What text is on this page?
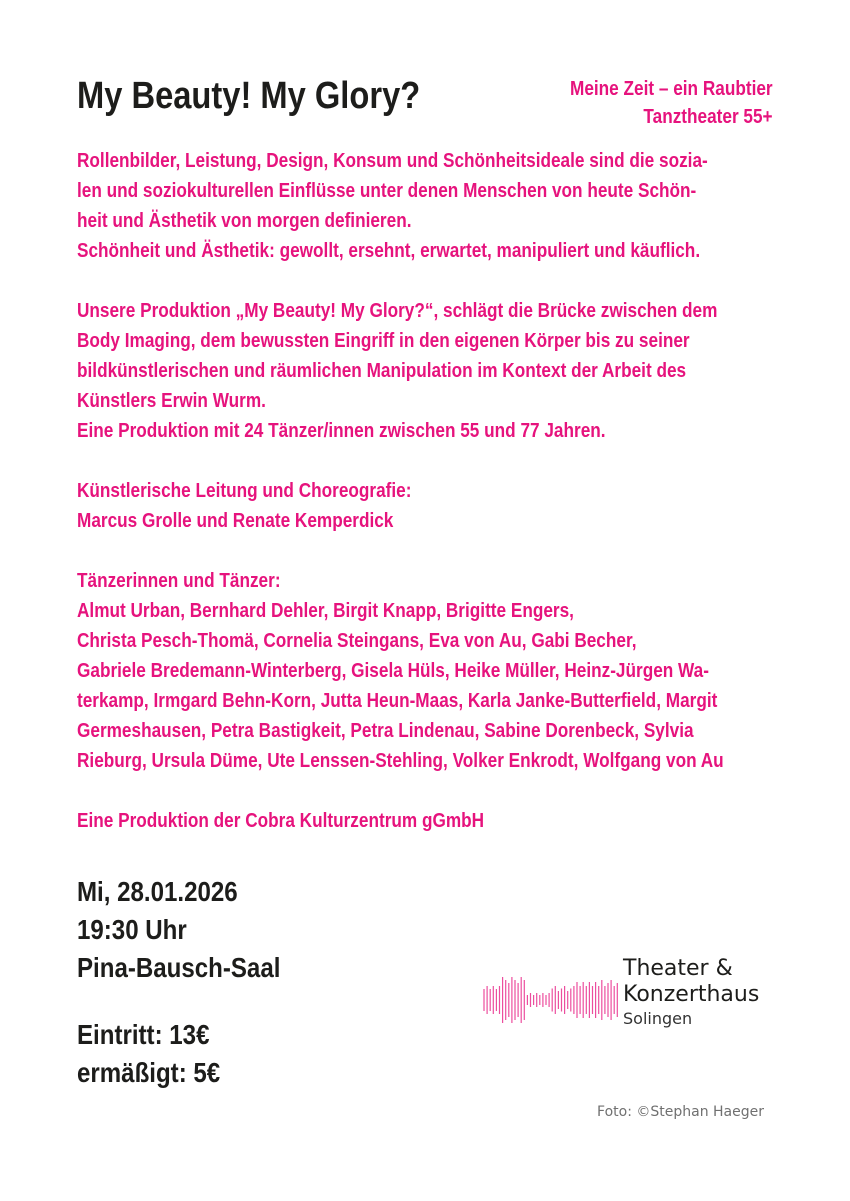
My Beauty! My Glory?	Meine Zeit – ein Raubtier
Tanztheater 55+
Rollenbilder, Leistung, Design, Konsum und Schönheitsideale sind die sozia-
len und soziokulturellen Einflüsse unter denen Menschen von heute Schön-
heit und Ästhetik von morgen definieren.
Schönheit und Ästhetik: gewollt, ersehnt, erwartet, manipuliert und käuflich.
Unsere Produktion „My Beauty! My Glory?“, schlägt die Brücke zwischen dem
Body Imaging, dem bewussten Eingriff in den eigenen Körper bis zu seiner
bildkünstlerischen und räumlichen Manipulation im Kontext der Arbeit des
Künstlers Erwin Wurm.
Eine Produktion mit 24 Tänzer/innen zwischen 55 und 77 Jahren.
Künstlerische Leitung und Choreografie:
Marcus Grolle und Renate Kemperdick
Tänzerinnen und Tänzer:
Almut Urban, Bernhard Dehler, Birgit Knapp, Brigitte Engers,
Christa Pesch-Thomä, Cornelia Steingans, Eva von Au, Gabi Becher,
Gabriele Bredemann-Winterberg, Gisela Hüls, Heike Müller, Heinz-Jürgen Wa-
terkamp, Irmgard Behn-Korn, Jutta Heun-Maas, Karla Janke-Butterfield, Margit
Germeshausen, Petra Bastigkeit, Petra Lindenau, Sabine Dorenbeck, Sylvia
Rieburg, Ursula Düme, Ute Lenssen-Stehling, Volker Enkrodt, Wolfgang von Au
Eine Produktion der Cobra Kulturzentrum gGmbH
Mi, 28.01.2026
19:30 Uhr
Pina-Bausch-Saal
Eintritt: 13€
ermäßigt: 5€
Theater &
Konzerthaus
Solingen
Foto: ©Stephan Haeger
